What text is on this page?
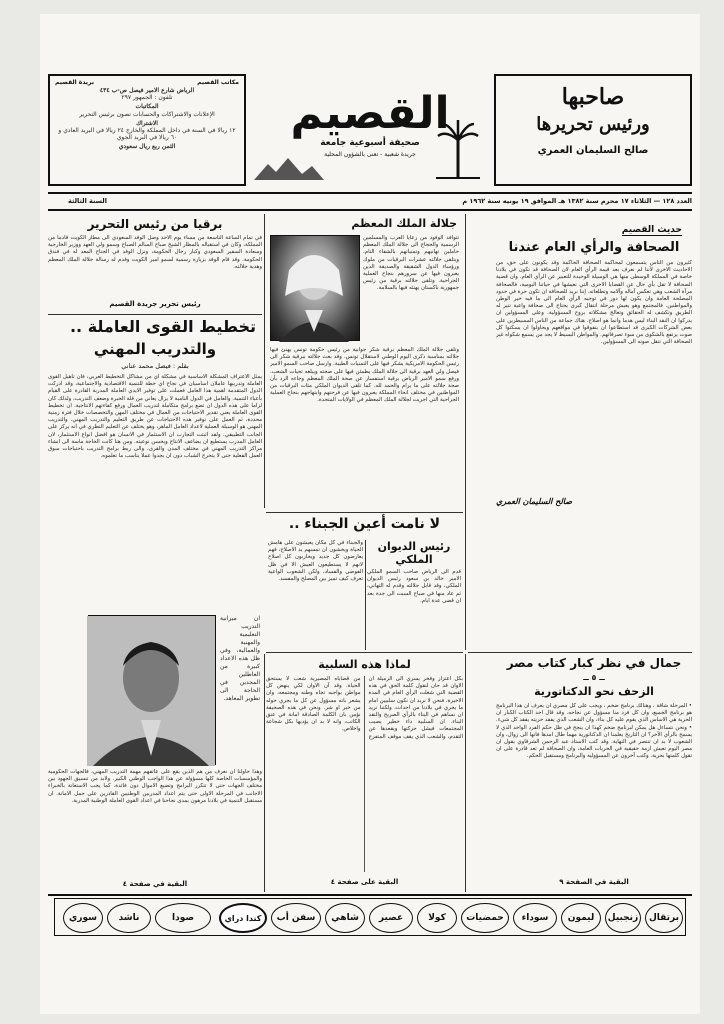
صاحبها
ورئيس تحريرها
صالح السليمان العمري
القصيم
صحيفة أسبوعية جامعة
جريدة شعبية - تعنى بالشؤون المحلية
مكاتب القصيم
بريدة القصيم
الرياض شارع الامير فيصل ص-ب ٤٣٤
تلفون : الجمهور ٢٩٧
المكاتبات
الإعلانات والاشتراكات والحسابات تصون برئيس التحرير
الاشتراك
١٢ ريالا في السنة في داخل المملكة والخارج ٢٤ ريالا في البريد العادي و ٦٠ ريالا في البريد الجوي
الثمن ربع ريال سعودي
العدد ١٢٨ — الثلاثاء ١٧ محرم سنة ١٣٨٢ هـ الموافق ١٩ يونيه سنة ١٩٦٢ م
السنة الثالثة
حديث القصيم
الصحافة والرأي العام عندنا
كثيرون من الناس يتسمعون لمحاكمة الصحافة الحاكمة وقد يكونون على حق، من الاحاديث الاخرى لأننا لم نعرف بعد قيمة الرأي العام لان الصحافة قد تكون في بلادنا خاصة في المملكة الوسطى منها هي الوسيلة الوحيدة للتعبير عن الرأي العام. وان قضية الصحافة لا تقل بأي حال عن القضايا الاخرى التي نعيشها في حياتنا اليومية، فالصحافة مرآة الشعب وهي تعكس آماله وآلامه وتطلعاته. إننا نريد للصحافة ان تكون حرة في حدود المصلحة العامة وان يكون لها دور في توجيه الرأي العام الى ما فيه خير الوطن والمواطنين. فالمجتمع وهو يعيش مرحلة انتقال كبرى يحتاج الى صحافة واعية تنير له الطريق وتكشف له الحقائق وتعالج مشكلاته بروح المسؤولية. وعلى المسؤولين ان يدركوا ان النقد البناء ليس هدما وانما هو اصلاح. هناك جماعة من الناس المسيطرين على بعض الشركات الكبرى قد استطاعوا ان يتفوقوا في مواقعهم ويحاولوا ان يسكتوا كل صوت يرتفع بالشكوى من سوء تصرفاتهم. والمواطن البسيط لا يجد من يسمع شكواه غير الصحافة التي تنقل صوته الى المسؤولين.
صالح السليمان العمري
رئيس الديوان
الملكي
قدم الى الرياض صاحب السمو الملكي الامير خالد بن سعود رئيس الديوان الملكي، وقد قابل جلالته وقدم له التهاني، ثم عاد منها في صباح السبت الى جدة بعد ان قضى عدة ايام.
جلالة الملك المعظم
تتوافد الوفود من رعايا العرب والمسلمين الرسمية والحجاج الى جلالة الملك المعظم حاملين تهانيهم وتمنياتهم بالشفاء التام، ويتلقى جلالته عشرات البرقيات من ملوك ورؤساء الدول الشقيقة والصديقة الذين يعبرون فيها عن سرورهم بنجاح العملية الجراحية. وتلقى جلالته برقية من رئيس جمهورية باكستان يهنئه فيها بالسلامة.
وتلقى جلالة الملك المعظم برقية شكر جوابية من رئيس حكومة تونس يهنئ فيها جلالته بمناسبة ذكرى اليوم الوطني لاستقلال تونس. وقد بعث جلالته ببرقية شكر الى رئيس الحكومة الامريكية يشكر فيها على التمنيات الطيبة. وارسل صاحب السمو الامير فيصل ولي العهد برقية الى جلالة الملك يطمئن فيها على صحته ويبلغه تحيات الشعب. ورفع سمو الامير الرياض برقية استفسار عن صحة الملك المعظم وجاءه الرد بأن صحة جلالته على ما يرام والحمد لله. كما تلقى الديوان الملكي مئات البرقيات من المواطنين في مختلف انحاء المملكة يعبرون فيها عن فرحتهم وابتهاجهم بنجاح العملية الجراحية التي اجريت لجلالة الملك المعظم في الولايات المتحدة.
برقيا من رئيس التحرير
في تمام الساعة التاسعة من مساء يوم الاحد وصل الوفد السعودي الى مطار الكويت قادما من المملكة، وكان في استقباله بالمطار الشيخ صباح السالم الصباح وسمو ولي العهد ووزير الخارجية وسعادة السفير السعودي وكبار رجال الحكومة، ونزل الوفد في الجناح المعد له في فندق الحكومة. وقد قام الوفد بزيارة رسمية لسمو امير الكويت وقدم له رسالة جلالة الملك المعظم وهدية جلالته.
رئيس تحرير جريدة القصيم
تخطيط القوى العاملة ..
والتدريب المهني
بقلم : فيصل محمد عناني
يمثل الاعتراف المشكلة الاساسية في مشكلة اي من مشاكل التخطيط العربي، فان تأهيل القوى العاملة وتدريبها عاملان اساسيان في نجاح اي خطة للتنمية الاقتصادية والاجتماعية، وقد ادركت الدول المتقدمة اهمية هذا العامل فعملت على توفير الايدي العاملة المدربة القادرة على القيام بأعباء التنمية. والعامل في الدول النامية لا يزال يعاني من قلة الخبرة وضعف التدريب، ولذلك كان لزاما على هذه الدول ان تضع برامج متكاملة لتدريب العمال ورفع كفاءتهم الانتاجية. ان تخطيط القوى العاملة يعني تقدير الاحتياجات من العمال في مختلف المهن والتخصصات خلال فترة زمنية محددة، ثم العمل على توفير هذه الاحتياجات عن طريق التعليم والتدريب المهني. والتدريب المهني هو الوسيلة العملية لاعداد العامل الماهر، وهو يختلف عن التعليم النظري في انه يركز على الجانب التطبيقي. ولقد اثبتت التجارب ان الاستثمار في الانسان هو افضل انواع الاستثمار، لان العامل المدرب يستطيع ان يضاعف الانتاج ويحسن نوعيته. ومن هنا كانت الحاجة ماسة الى انشاء مراكز التدريب المهني في مختلف المدن والقرى، والى ربط برامج التدريب باحتياجات سوق العمل الفعلية حتى لا يتخرج الشباب دون ان يجدوا عملا يناسب ما تعلموه.
ان ميزانية التدريب التعليمية والمهنية والعمالية، وفي ظل هذه الاعداد كبيرة من العاطلين المجدين في الحاجة الى تطوير المعاهد.
وهذا حاولنا ان نعرف من هم الذين يقع على عاتقهم مهمة التدريب المهني، فالجهات الحكومية والمؤسسات الخاصة كلها مسؤولة عن هذا الواجب الوطني الكبير. ولابد من تنسيق الجهود بين مختلف الجهات حتى لا تتكرر البرامج وتضيع الاموال دون فائدة. كما يجب الاستعانة بالخبراء الاجانب في المرحلة الاولى حتى يتم اعداد المدربين الوطنيين القادرين على حمل الامانة. ان مستقبل التنمية في بلادنا مرهون بمدى نجاحنا في اعداد القوى العاملة الوطنية المدربة.
البقية في صفحة ٤
لا نامت أعين الجبناء ..
والجبناء في كل مكان يعيشون على هامش الحياة ويخشون ان تمسهم يد الاصلاح، فهم يعارضون كل جديد ويحاربون كل اصلاح لانهم لا يستطيعون العيش الا في ظل الفوضى والفساد، ولكن الشعوب الواعية تعرف كيف تميز بين المصلح والمفسد.
لماذا هذه السلبية
بكل اعتزاز وفخر يسري الى الزميلة ان الاوان قد حان لنقول كلمة الحق في هذه القضية التي شغلت الرأي العام في المدة الاخيرة، فنحن لا نريد ان نكون سلبيين امام ما يجري في بلادنا من احداث، ولكننا نريد ان نساهم في البناء بالرأي الصريح والنقد البناء. ان السلبية داء خطير يصيب المجتمعات فيشل حركتها ويقعدها عن التقدم، والشعب الذي يقف موقف المتفرج من قضاياه المصيرية شعب لا يستحق الحياة. وقد آن الاوان لكي ينهض كل مواطن بواجبه تجاه وطنه ومجتمعه، وان يشعر بانه مسؤول عن كل ما يجري حوله من خير او شر. ونحن في هذه الصحيفة نؤمن بان الكلمة الصادقة امانة في عنق الكاتب، وانه لا بد ان يؤديها بكل شجاعة واخلاص.
البقية على صفحة ٤
جمال في نظر كبار كتاب مصر
ــ ٥ ــ
الزحف نحو الدكتاتورية
• المرحلة شاقة ، وهنالك برنامج ضخم ، ويجب على كل مصري ان يعرف ان هذا البرنامج هو برنامج الجميع، وان كل فرد منا مسؤول عن نجاحه. وقد قال احد الكتاب الكبار ان الحرية هي الاساس الذي يقوم عليه كل بناء، وان الشعب الذي يفقد حريته يفقد كل شيء. • ونحن نتساءل هل يمكن لبرنامج ضخم كهذا ان ينجح في ظل حكم الفرد الواحد الذي لا يسمح بالرأي الآخر؟ ان التاريخ يعلمنا ان الدكتاتورية مهما طال امدها فانها الى زوال، وان الشعوب لا بد ان تنتصر في النهاية. وقد كتب الاستاذ عبد الرحمن الشرقاوي يقول ان مصر اليوم تعيش ازمة حقيقية في الحريات العامة، وان الصحافة لم تعد قادرة على ان تقول كلمتها بحرية. وكتب آخرون عن المسؤولية والبرنامج ومستقبل الحكم.
البقية في الصفحة ٩
كندا دراي سفن أب شاهي عصير	كولا حمضيات سوداء ليمون زنجبيل برتقال
سوري ناشد	صودا
